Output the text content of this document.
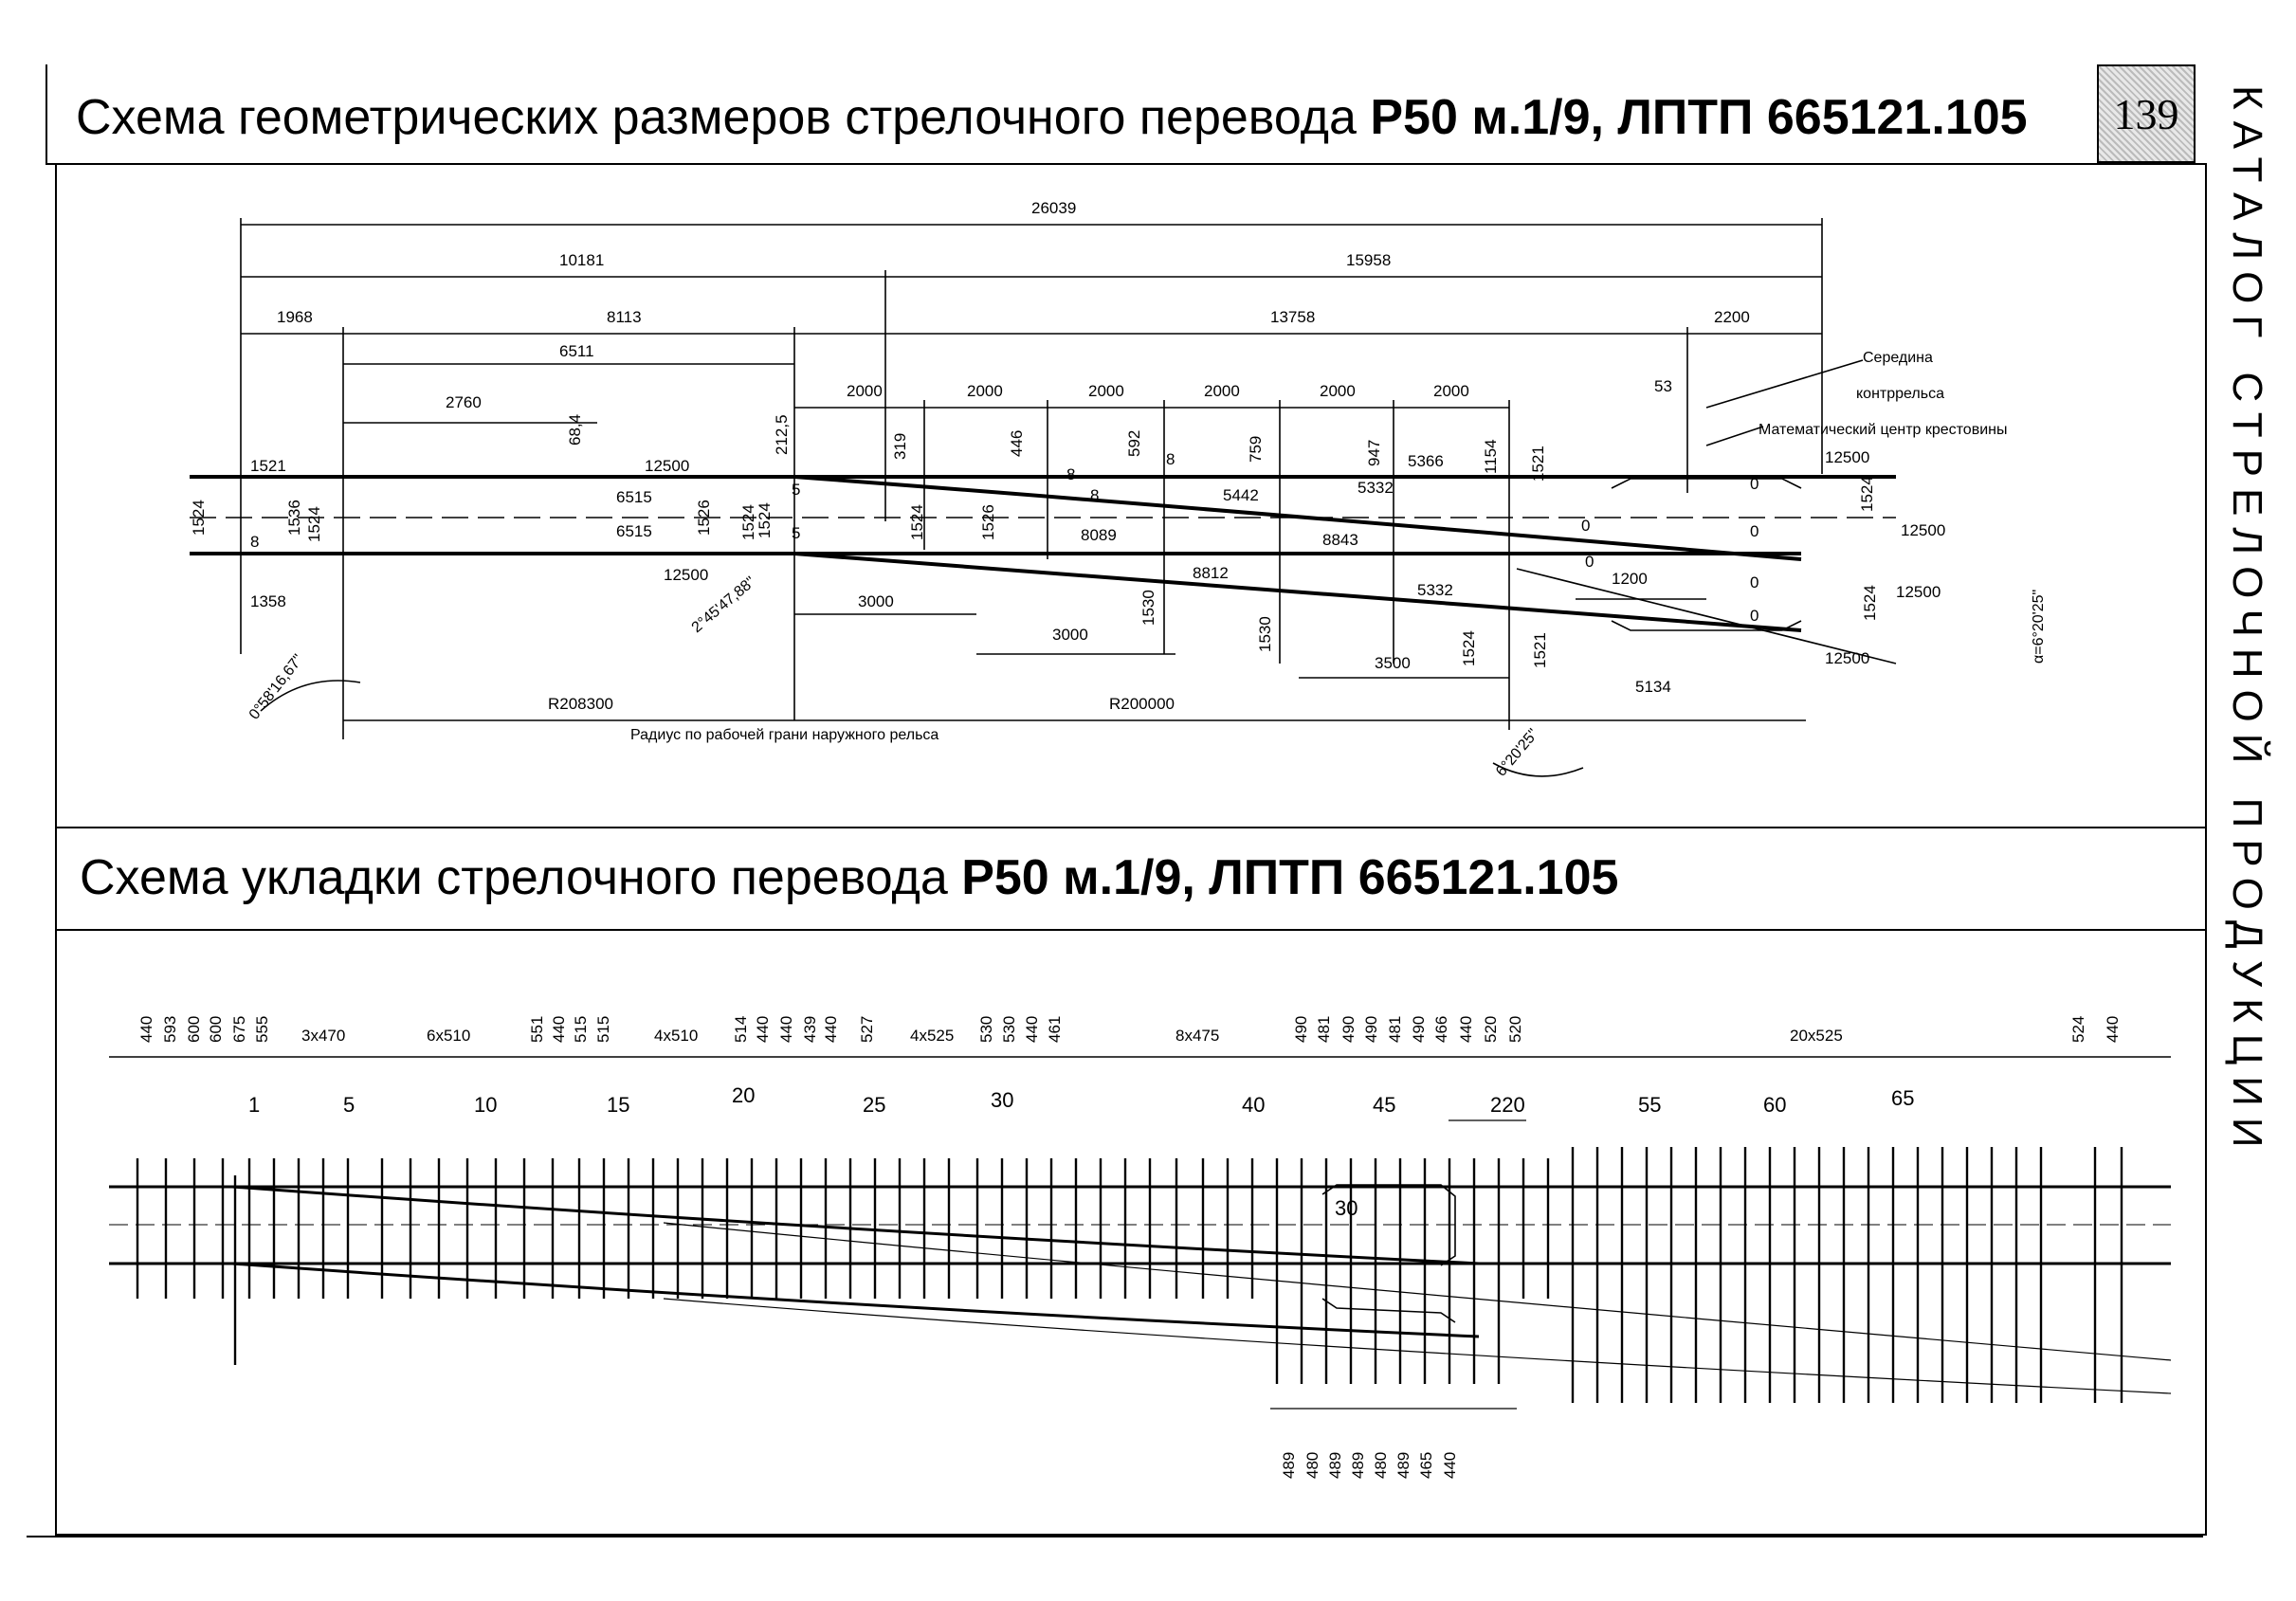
Схема геометрических размеров стрелочного перевода Р50 м.1/9, ЛПТП 665121.105 139 КАТАЛОГ СТРЕЛОЧНОЙ ПРОДУКЦИИ
Схема укладки стрелочного перевода Р50 м.1/9, ЛПТП 665121.105
26039
10181	15958
1968	8113	13758	2200
6511
2760
2000	2000	2000	2000	2000	2000	53
12500
12500
8
8
5442
5366
8843
8089
8812
5332
6515
6515
1200
3000
3000
3500
5134
12500
12500
12500
12500
1521
8
8
1358
Середина
контррельса
Математический центр крестовины
Радиус по рабочей грани наружного рельса
R208300	R200000
0°58'16,67"
2°45'47,88"
6°20'25"
α=6°20'25"
68,4	212,5	319	446	592	759	947	1154 1521
1530
1530	1524	1521
1524
1526	1524	1526
1524
1524
1524	1536 1524	1524
0
0
0
0
0
0
5332
5
5
440 593 600 600 675 555 3x470	6x510	551 440 515 515	4x510 514 440 440 439 440 527 4x525 530 530 440 461	8x475	490 481 490 490 481 490 466 440 520 520	20x525	524 440
489 480 489 489 480 489 465 440
1	5	10	15	20	25	30	40	45	220	55	60	65
30
